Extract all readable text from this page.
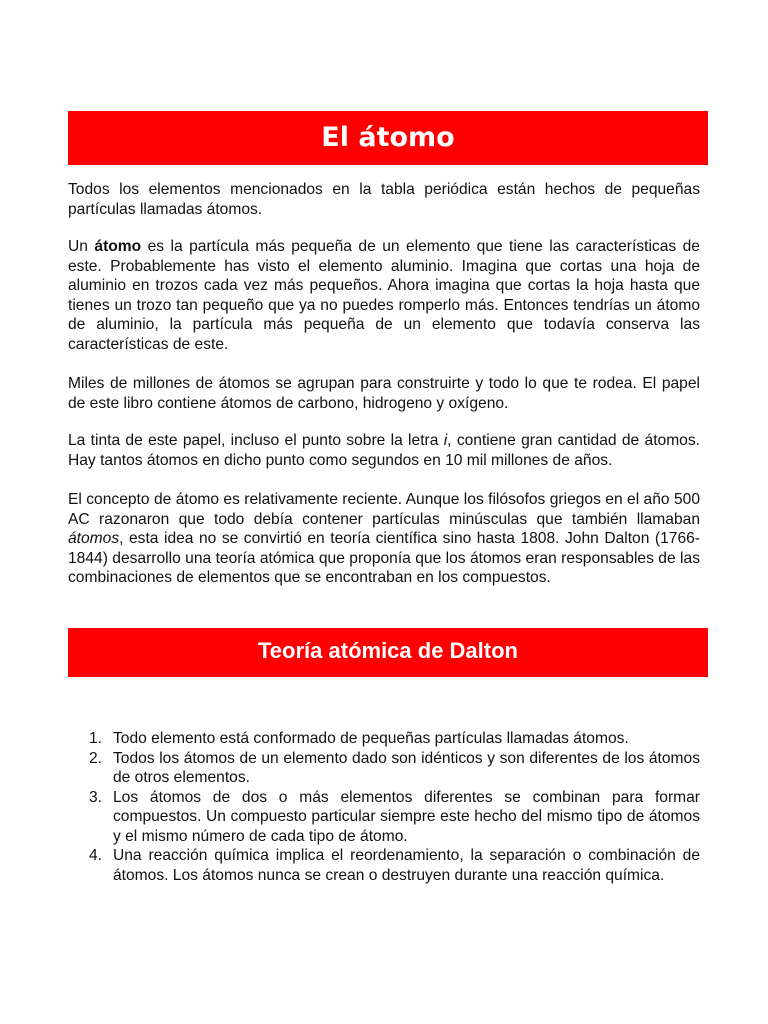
El átomo

Todos los elementos mencionados en la tabla periódica están hechos de pequeñas partículas llamadas átomos.

Un átomo es la partícula más pequeña de un elemento que tiene las características de este. Probablemente has visto el elemento aluminio. Imagina que cortas una hoja de aluminio en trozos cada vez más pequeños. Ahora imagina que cortas la hoja hasta que tienes un trozo tan pequeño que ya no puedes romperlo más. Entonces tendrías un átomo de aluminio, la partícula más pequeña de un elemento que todavía conserva las características de este.

Miles de millones de átomos se agrupan para construirte y todo lo que te rodea. El papel de este libro contiene átomos de carbono, hidrogeno y oxígeno.

La tinta de este papel, incluso el punto sobre la letra i, contiene gran cantidad de átomos. Hay tantos átomos en dicho punto como segundos en 10 mil millones de años.

El concepto de átomo es relativamente reciente. Aunque los filósofos griegos en el año 500 AC razonaron que todo debía contener partículas minúsculas que también llamaban átomos, esta idea no se convirtió en teoría científica sino hasta 1808. John Dalton (1766-1844) desarrollo una teoría atómica que proponía que los átomos eran responsables de las combinaciones de elementos que se encontraban en los compuestos.

Teoría atómica de Dalton
1. Todo elemento está conformado de pequeñas partículas llamadas átomos.
2. Todos los átomos de un elemento dado son idénticos y son diferentes de los átomos de otros elementos.
3. Los átomos de dos o más elementos diferentes se combinan para formar compuestos. Un compuesto particular siempre este hecho del mismo tipo de átomos y el mismo número de cada tipo de átomo.
4. Una reacción química implica el reordenamiento, la separación o combinación de átomos. Los átomos nunca se crean o destruyen durante una reacción química.
